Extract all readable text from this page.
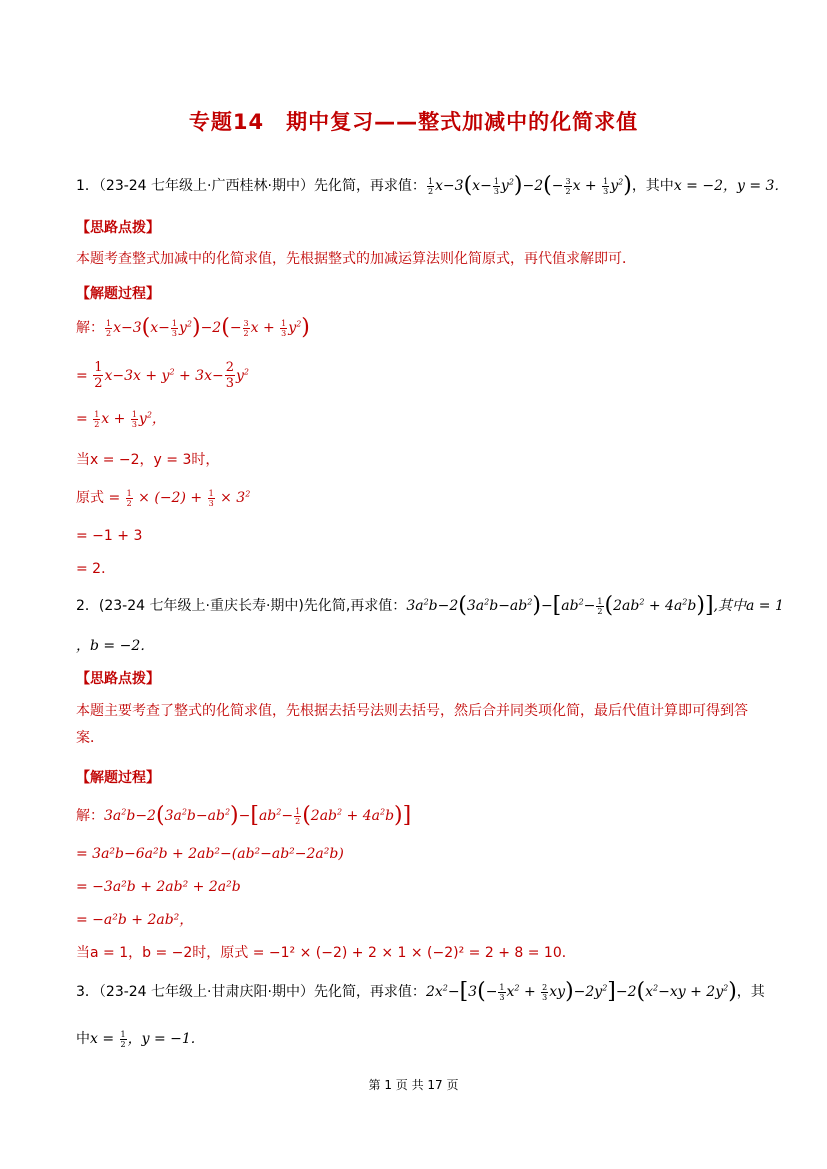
专题14　期中复习——整式加减中的化简求值
1．（23-24 七年级上·广西桂林·期中）先化简，再求值： $\frac{1}{2} x-3(x- \frac{1}{3} y^2)-2(- \frac{3}{2}$ $x + \frac{1}{3} y^2$)，其中x = −2，y = 3．
【思路点拨】
本题考查整式加减中的化简求值，先根据整式的加减运算法则化简原式，再代值求解即可．
【解题过程】
解： $\frac{1}{2} x-3(x- \frac{1}{3} y^2)-2(- \frac{3}{2}$ $x + \frac{1}{3} y^2$)
= $\frac{1}{2} x-3x + y^2 + 3x- \frac{2}{3} y^2$
= $\frac{1}{2}$ $x + \frac{1}{3} y^2$，
当x = −2，y = 3时，
原式 = $\frac{1}{2} \times (-2) + \frac{1}{3} \times 3^2$
= −1 + 3
= 2．
2．(23-24 七年级上·重庆长寿·期中)先化简,再求值：$3a^2b-2(3a^2b-ab^2)-[ab^2- \frac{1}{2} (2ab^2 + 4a^2b)]$,其中a = 1
，b = −2．
【思路点拨】
本题主要考查了整式的化简求值，先根据去括号法则去括号，然后合并同类项化简，最后代值计算即可得到答案．
【解题过程】
解：$3a^2b-2(3a^2b-ab^2)-[ab^2- \frac{1}{2} (2ab^2 + 4a^2b)]$
= 3a²b−6a²b + 2ab²−(ab²−ab²−2a²b)
= −3a²b + 2ab² + 2a²b
= −a²b + 2ab²，
当a = 1，b = −2时，原式 = −1² × (−2) + 2 × 1 × (−2)² = 2 + 8 = 10．
3．（23-24 七年级上·甘肃庆阳·期中）先化简，再求值：$2x^2-[3(- \frac{1}{3} x^2 + \frac{2}{3} xy)-2y^2]-2(x^2-xy + 2y^2)$，其
中$x = \frac{1}{2}$ ，y = −1.
第 1 页 共 17 页
